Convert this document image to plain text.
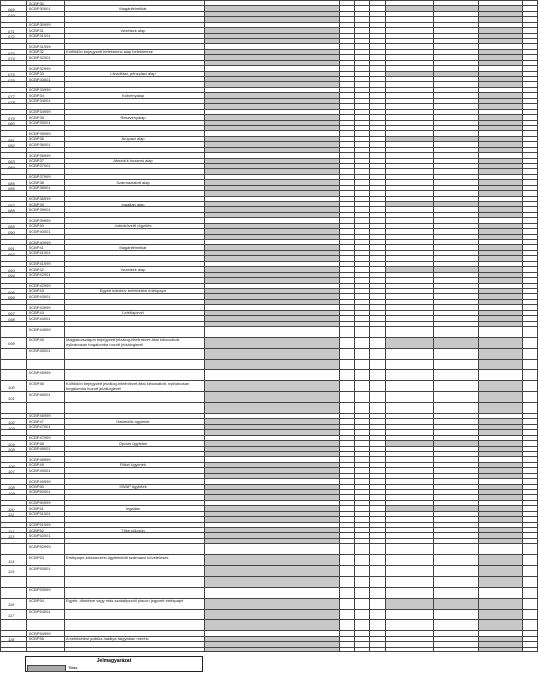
0CBP30
0CBP30001
069
070
Magánfélnélkár
0CBP30999
0CBP31
0CBP31001
071
072
Vezetsek alap
0CBP31999
0CBP32
0CBP32001
073
074
Külföldön bejegyzett befektetési alap befektetése
0CBP32999
0CBP33
0CBP33001
075
076
Likviditási, pénzpiaci alap
0CBP33999
0CBP34
0CBP34001
077
078
Kötvényalap
0CBP34999
0CBP35
0CBP35001
079
080
Részvényalap
0CBP35999
0CBP36
0CBP36001
081
082
Árupiaci alap
0CBP36999
0CBP37
0CBP37001
083
084
Abszolút hozamú alap
0CBP37999
0CBP38
0CBP38001
085
086
Származtatott alap
0CBP38999
0CBP39
0CBP39001
087
088
Ingatlan alap
0CBP39999
0CBP40
0CBP40001
089
090
Indexkövető rögzítés
0CBP40999
0CBP41
0CBP41001
091
092
Magánfélnélkár
0CBP41999
0CBP42
0CBP42001
093
094
Vezetsek alap
0CBP42999
0CBP43
0CBP43001
095
096
Egyéb kollektív befektetési értékpapír
0CBP43999
0CBP44
0CBP44001
097
098
Letétlapevél
0CBP44999
0CBP45
0CBP45001
099
Magyarországon bejegyzett jelzálog-hitelintézet által kibocsátott, nyilvánosan forgalomba hozott jelzáloglevél
0CBP45999
0CBP46
0CBP46001
100
101
Külföldön bejegyzett jelzálog-hitelintézet által kibocsátott, nyilvánosan forgalomba hozott jelzáloglevél
0CBP46999
0CBP47
0CBP47001
102
103
Határidős ügyletek
0CBP47999
0CBP48
0CBP48001
104
105
Opciós ügyletek
0CBP48999
0CBP49
0CBP49001
106
107
Ritkei ügyletek
0CBP49999
0CBP50
0CBP50001
108
109
SWAP ügyletek
0CBP50999
0CBP51
0CBP51001
110
111
Ingatlan
0CBP51999
0CBP52
0CBP52001
112
113
Tőke kölcsön
0CBP52999
0CBP53
0CBP53001
114
115
Értékpapír-kölcsönzési ügyletekből származó követelések
0CBP53999
0CBP54
0CBP54001
116
117
Egyéb, döntésre vagy más szabályozott piacon jegyzett értékpapír
0CBP54999
0CBP55
118	A befektetési politika hatálya tárgyában mérési
Jelmagyarázat
Tiltás
